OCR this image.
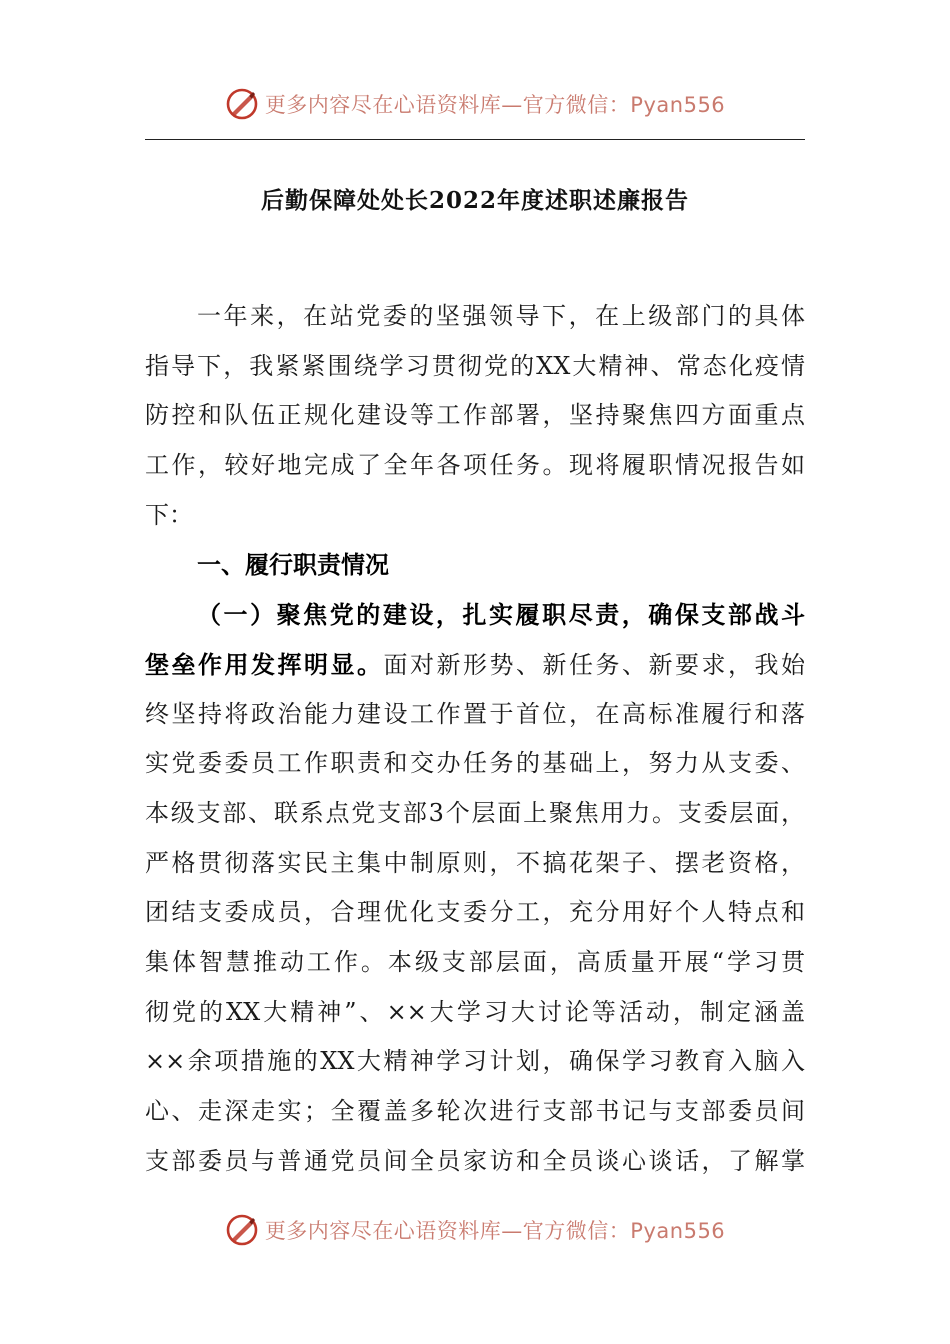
更多内容尽在心语资料库—官方微信：Pyan556
后勤保障处处长2022年度述职述廉报告
一年来，在站党委的坚强领导下，在上级部门的具体
指导下，我紧紧围绕学习贯彻党的XX大精神、常态化疫情
防控和队伍正规化建设等工作部署，坚持聚焦四方面重点
工作，较好地完成了全年各项任务。现将履职情况报告如
下：
一、履行职责情况
（一）聚焦党的建设，扎实履职尽责，确保支部战斗
堡垒作用发挥明显。面对新形势、新任务、新要求，我始
终坚持将政治能力建设工作置于首位，在高标准履行和落
实党委委员工作职责和交办任务的基础上，努力从支委、
本级支部、联系点党支部3个层面上聚焦用力。支委层面，
严格贯彻落实民主集中制原则，不搞花架子、摆老资格，
团结支委成员，合理优化支委分工，充分用好个人特点和
集体智慧推动工作。本级支部层面，高质量开展“学习贯
彻党的XX大精神”、××大学习大讨论等活动，制定涵盖
××余项措施的XX大精神学习计划，确保学习教育入脑入
心、走深走实；全覆盖多轮次进行支部书记与支部委员间
支部委员与普通党员间全员家访和全员谈心谈话，了解掌
更多内容尽在心语资料库—官方微信：Pyan556
